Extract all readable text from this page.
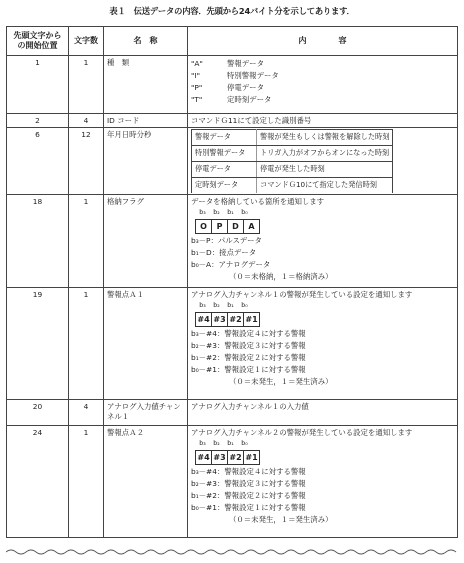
表１　伝送データの内容．先頭から24バイト分を示してあります．
先頭文字からの開始位置	文字数	名　称	内　　　　容
1	1	種　類	"A"	警報データ
"I"	特別警報データ
"P"	停電データ
"T"	定時刻データ

2	4	ID コード	コマンドＧ11にて設定した識別番号
6	12	年月日時分秒		警報データ	警報が発生もしくは警報を解除した時刻
特別警報データ	トリガ入力がオフからオンになった時刻
停電データ	停電が発生した時刻
定時刻データ	コマンドＧ10にて指定した発信時刻

18	1	格納フラグ	データを格納している箇所を通知します
b₃	b₂	b₁	b₀
O	P	D	A
b₃－P：パルスデータ
b₁－D：接点データ
b₀－A：アナログデータ
（０＝未格納，１＝格納済み）

19	1	警報点Ａ１	アナログ入力チャンネル１の警報が発生している設定を通知します
b₃	b₂	b₁	b₀
#4 #3 #2 #1
b₃－#4：警報設定４に対する警報
b₂－#3：警報設定３に対する警報
b₁－#2：警報設定２に対する警報
b₀－#1：警報設定１に対する警報
（０＝未発生，１＝発生済み）

20	4	アナログ入力値チャンネル１	アナログ入力チャンネル１の入力値
24	1	警報点Ａ２	アナログ入力チャンネル２の警報が発生している設定を通知します
b₃	b₂	b₁	b₀
#4 #3 #2 #1
b₃－#4：警報設定４に対する警報
b₂－#3：警報設定３に対する警報
b₁－#2：警報設定２に対する警報
b₀－#1：警報設定１に対する警報
（０＝未発生，１＝発生済み）
